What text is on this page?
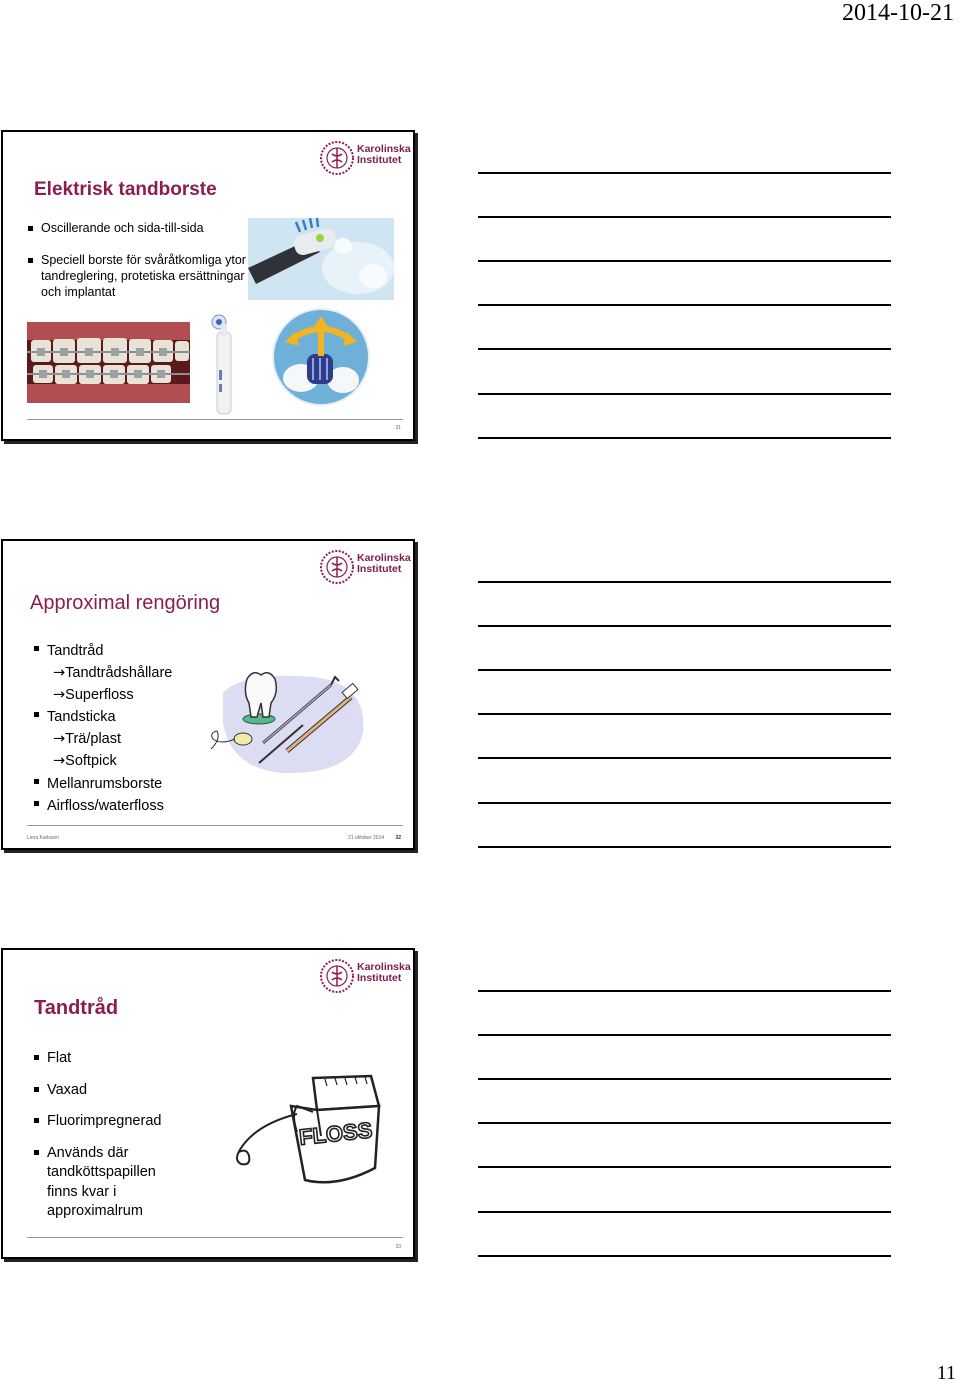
2014-10-21
Karolinska
Institutet
Elektrisk tandborste
Oscillerande och sida-till-sida
Speciell borste för svåråtkomliga ytor tandreglering, protetiska ersättningar och implantat
31
Karolinska
Institutet
Approximal rengöring
Tandtråd
→Tandtrådshållare
→Superfloss
Tandsticka
→Trä/plast
→Softpick
Mellanrumsborste
Airfloss/waterfloss
Lena Karlsson	21 oktober 2014 32
Karolinska
Institutet
Tandtråd
Flat
Vaxad
Fluorimpregnerad
Används där tandköttspapillen finns kvar i approximalrum
FLOSS
33
11
